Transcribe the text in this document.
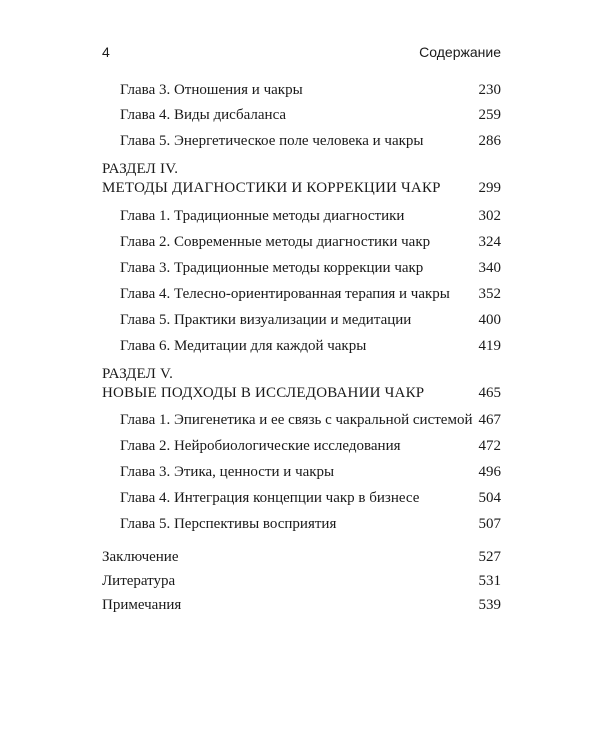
4	Содержание
Глава 3. Отношения и чакры	230
Глава 4. Виды дисбаланса	259
Глава 5. Энергетическое поле человека и чакры	286
РАЗДЕЛ IV.
МЕТОДЫ ДИАГНОСТИКИ И КОРРЕКЦИИ ЧАКР	299
Глава 1. Традиционные методы диагностики	302
Глава 2. Современные методы диагностики чакр	324
Глава 3. Традиционные методы коррекции чакр	340
Глава 4. Телесно-ориентированная терапия и чакры 352
Глава 5. Практики визуализации и медитации	400
Глава 6. Медитации для каждой чакры	419
РАЗДЕЛ V.
НОВЫЕ ПОДХОДЫ В ИССЛЕДОВАНИИ ЧАКР	465
Глава 1. Эпигенетика и ее связь с чакральной системой 467
Глава 2. Нейробиологические исследования	472
Глава 3. Этика, ценности и чакры	496
Глава 4. Интеграция концепции чакр в бизнесе	504
Глава 5. Перспективы восприятия	507
Заключение	527
Литература	531
Примечания	539
